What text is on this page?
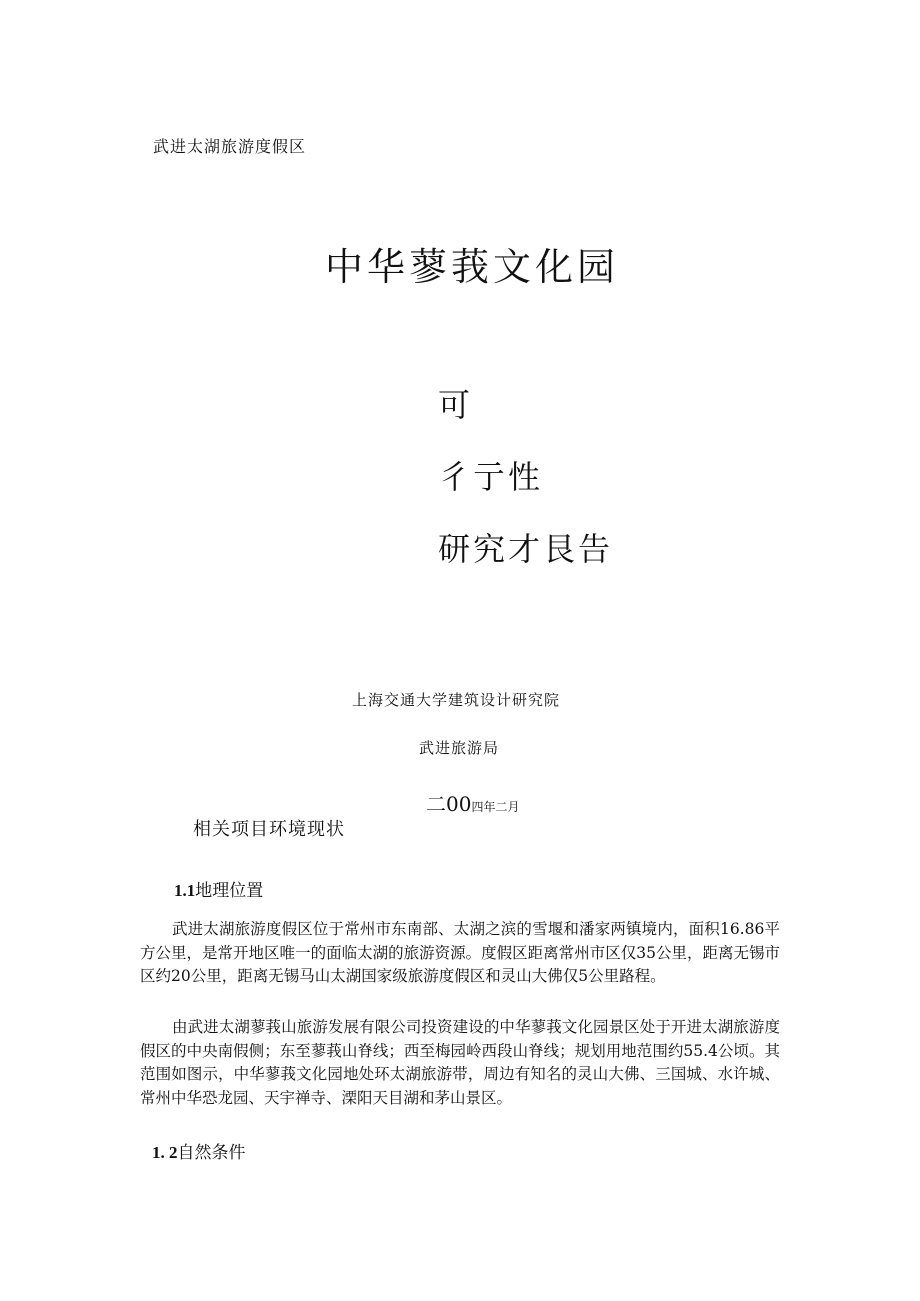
武进太湖旅游度假区
中华蓼莪文化园
可
彳亍性
研究才艮告
上海交通大学建筑设计研究院
武进旅游局
二00四年二月
相关项目环境现状
1.1地理位置

武进太湖旅游度假区位于常州市东南部、太湖之滨的雪堰和潘家两镇境内，面积16.86平方公里，是常开地区唯一的面临太湖的旅游资源。度假区距离常州市区仅35公里，距离无锡市区约20公里，距离无锡马山太湖国家级旅游度假区和灵山大佛仅5公里路程。

由武进太湖蓼莪山旅游发展有限公司投资建设的中华蓼莪文化园景区处于开进太湖旅游度假区的中央南假侧；东至蓼莪山脊线；西至梅园岭西段山脊线；规划用地范围约55.4公顷。其范围如图示，中华蓼莪文化园地处环太湖旅游带，周边有知名的灵山大佛、三国城、水许城、常州中华恐龙园、天宇禅寺、溧阳天目湖和茅山景区。

1. 2自然条件
